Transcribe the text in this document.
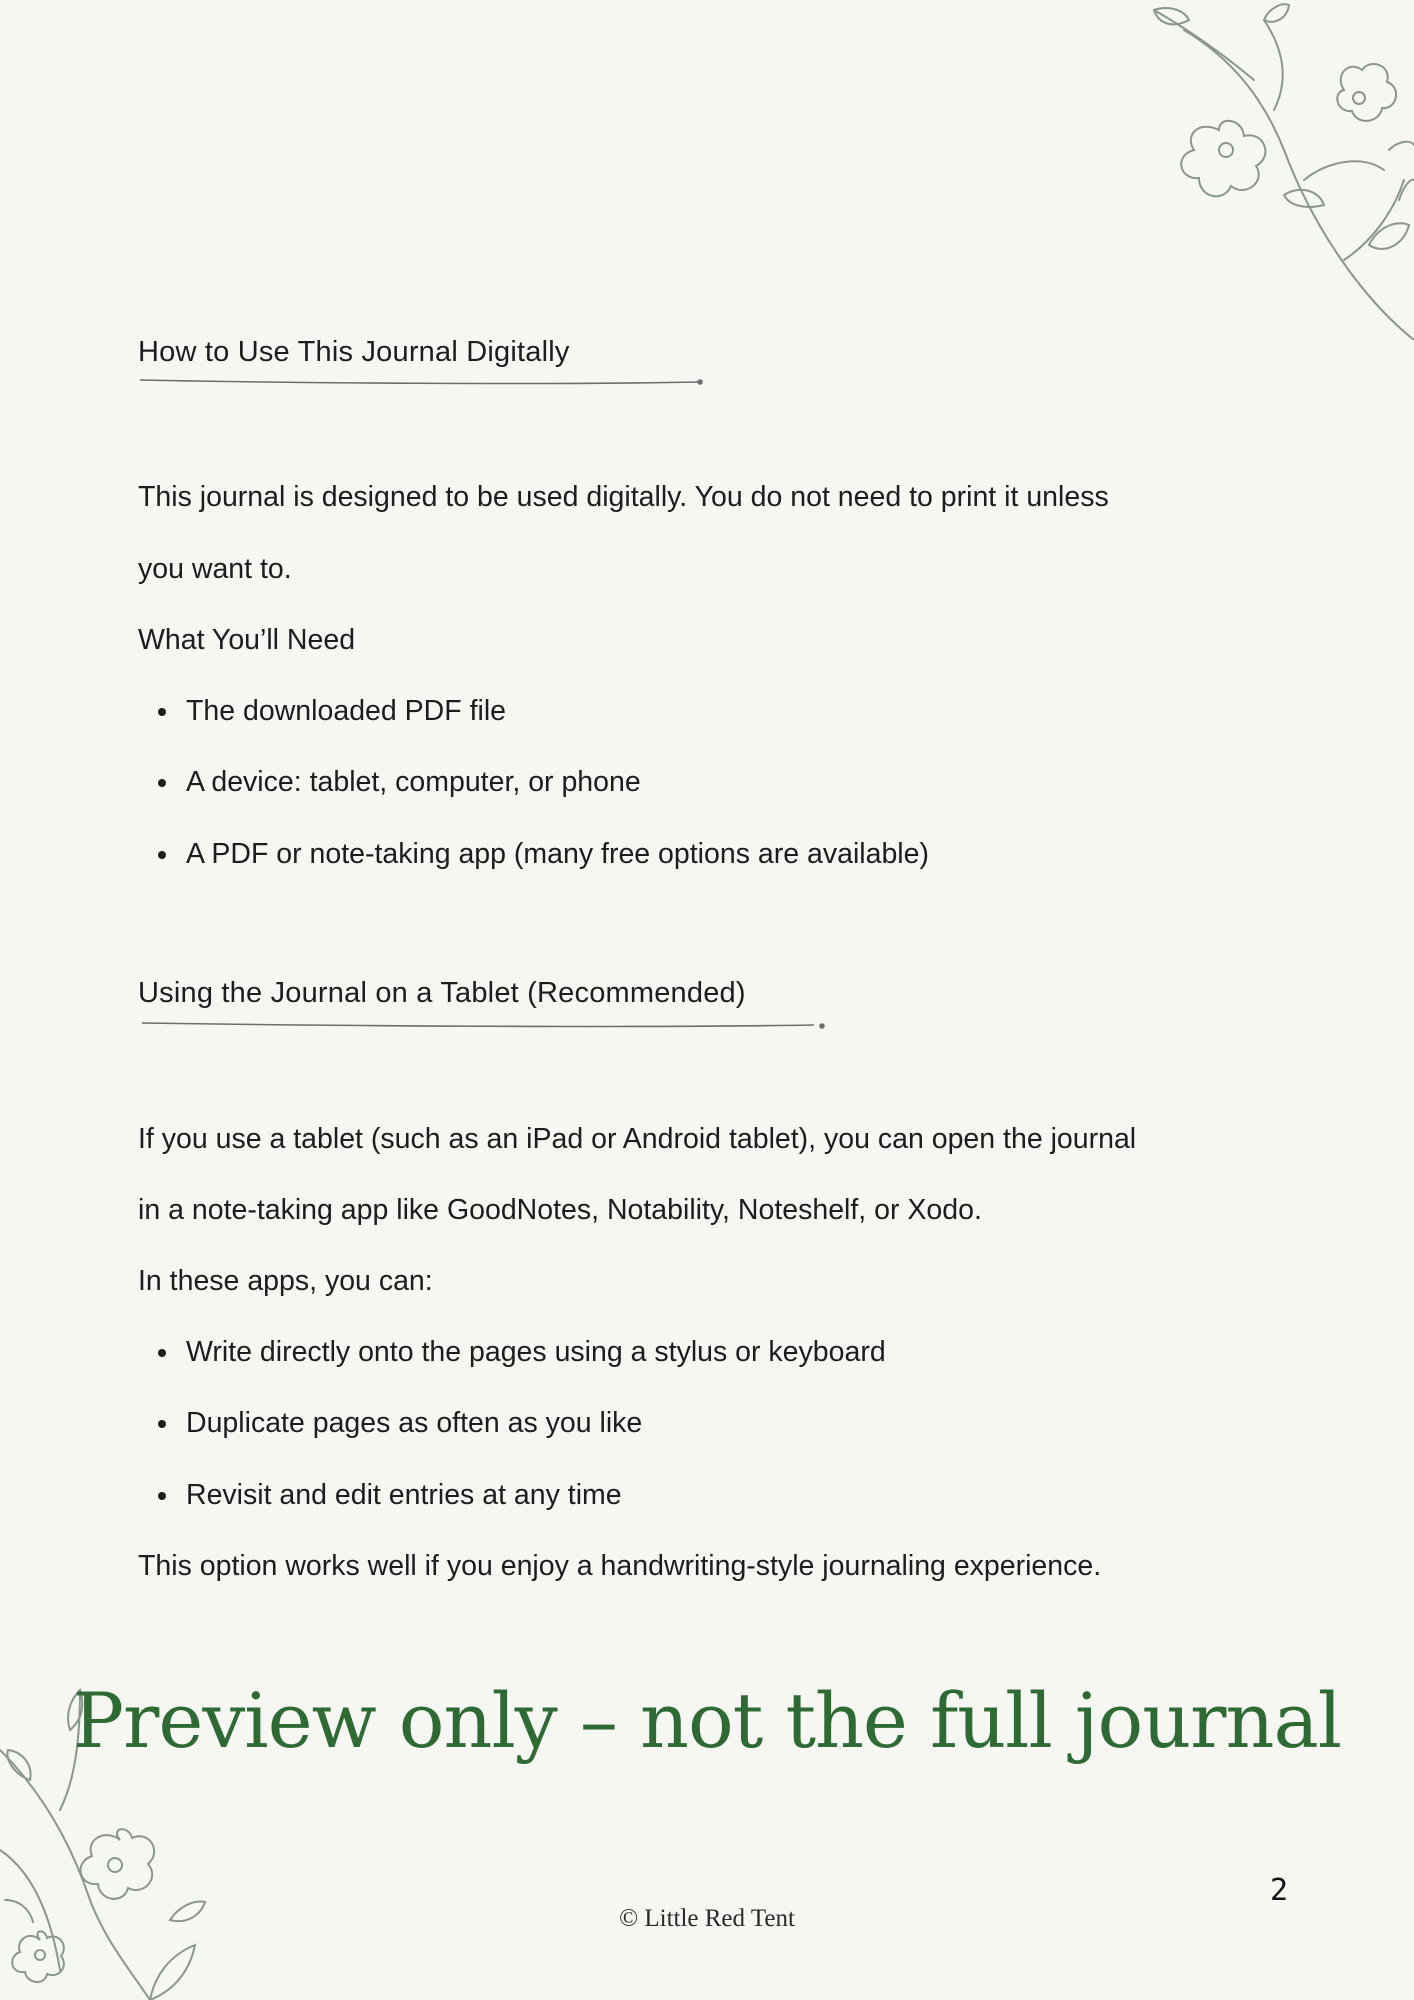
How to Use This Journal Digitally
This journal is designed to be used digitally. You do not need to print it unless
you want to.
What You’ll Need
The downloaded PDF file
A device: tablet, computer, or phone
A PDF or note-taking app (many free options are available)
Using the Journal on a Tablet (Recommended)
If you use a tablet (such as an iPad or Android tablet), you can open the journal
in a note-taking app like GoodNotes, Notability, Noteshelf, or Xodo.
In these apps, you can:
Write directly onto the pages using a stylus or keyboard
Duplicate pages as often as you like
Revisit and edit entries at any time
This option works well if you enjoy a handwriting-style journaling experience.
Preview only – not the full journal
2
© Little Red Tent
